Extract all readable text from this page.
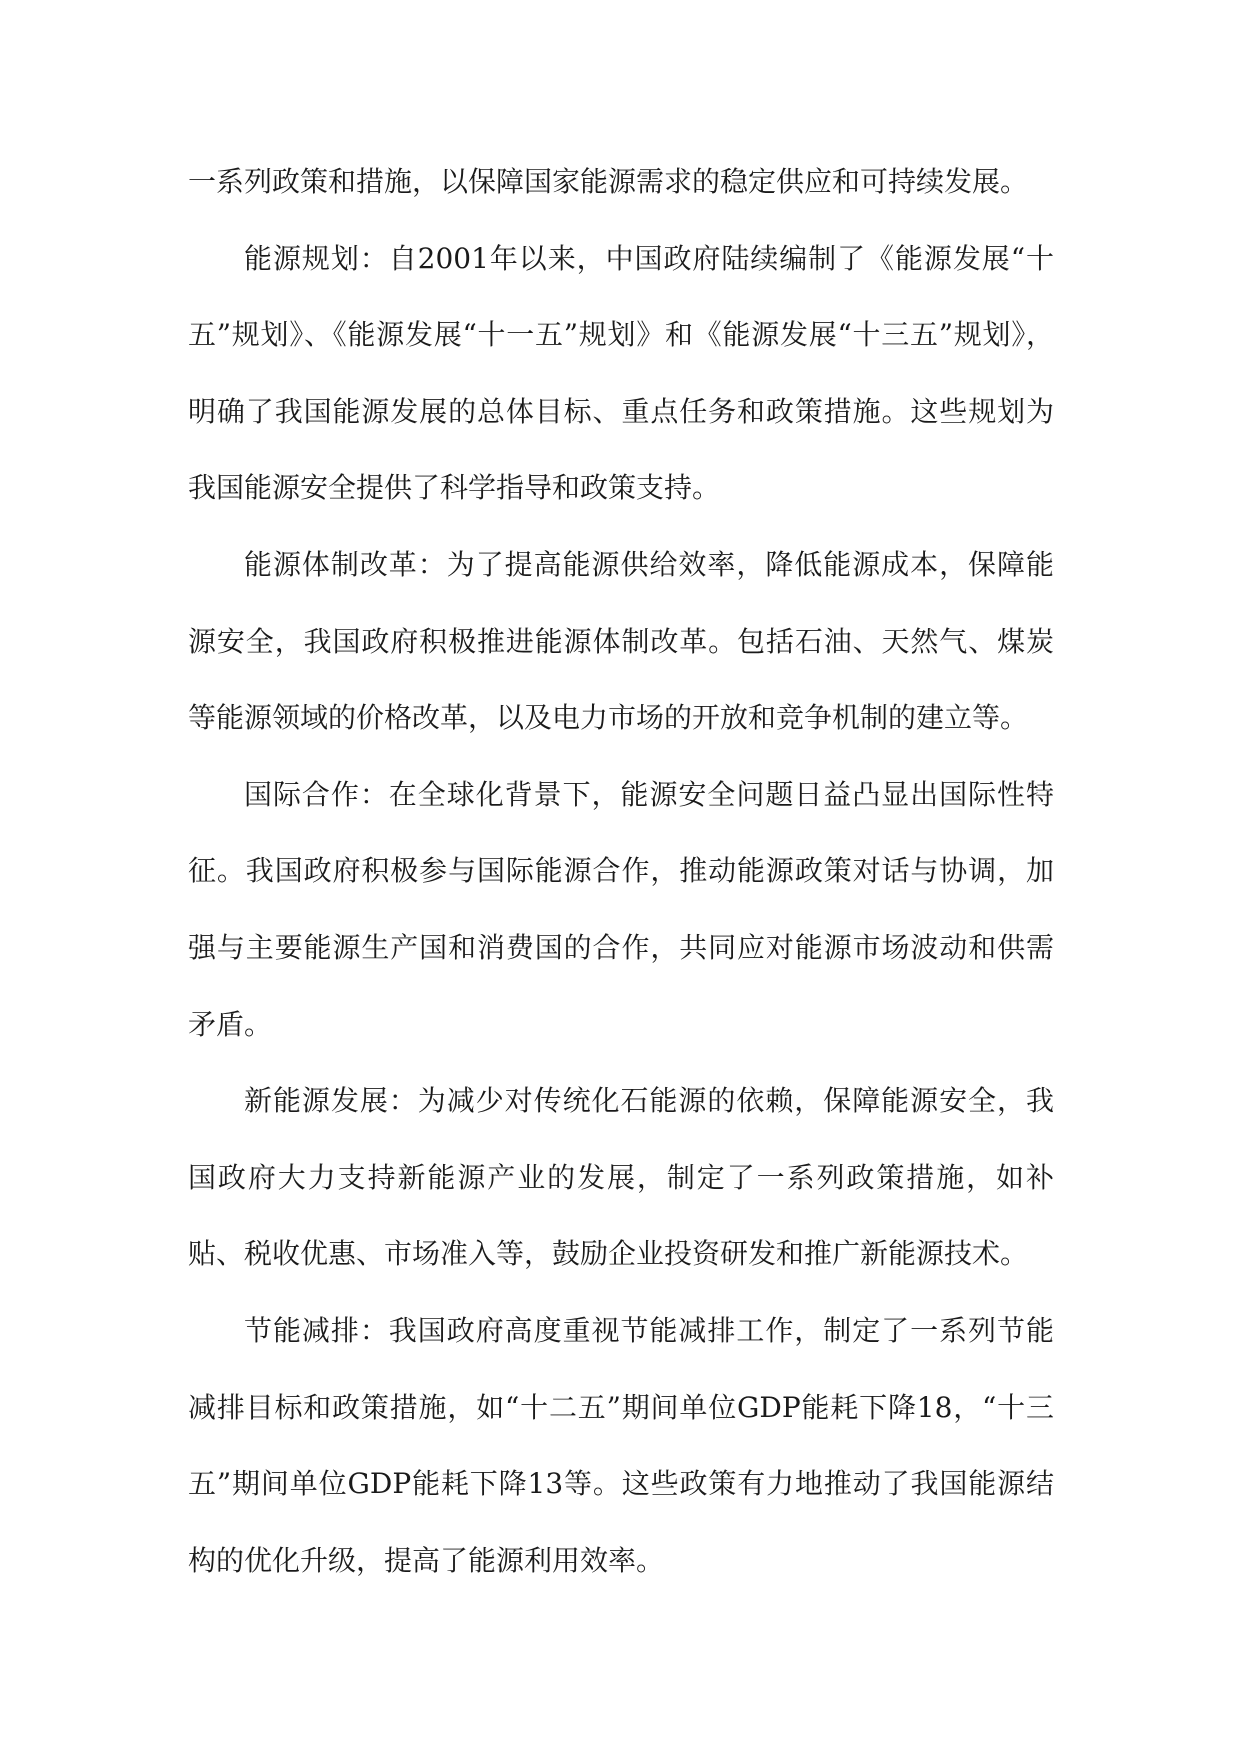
一系列政策和措施，以保障国家能源需求的稳定供应和可持续发展。

能源规划：自2001年以来，中国政府陆续编制了《能源发展“十五”规划》、《能源发展“十一五”规划》和《能源发展“十三五”规划》，明确了我国能源发展的总体目标、重点任务和政策措施。这些规划为我国能源安全提供了科学指导和政策支持。

能源体制改革：为了提高能源供给效率，降低能源成本，保障能源安全，我国政府积极推进能源体制改革。包括石油、天然气、煤炭等能源领域的价格改革，以及电力市场的开放和竞争机制的建立等。

国际合作：在全球化背景下，能源安全问题日益凸显出国际性特征。我国政府积极参与国际能源合作，推动能源政策对话与协调，加强与主要能源生产国和消费国的合作，共同应对能源市场波动和供需矛盾。

新能源发展：为减少对传统化石能源的依赖，保障能源安全，我国政府大力支持新能源产业的发展，制定了一系列政策措施，如补贴、税收优惠、市场准入等，鼓励企业投资研发和推广新能源技术。

节能减排：我国政府高度重视节能减排工作，制定了一系列节能减排目标和政策措施，如“十二五”期间单位GDP能耗下降18，“十三五”期间单位GDP能耗下降13等。这些政策有力地推动了我国能源结构的优化升级，提高了能源利用效率。
